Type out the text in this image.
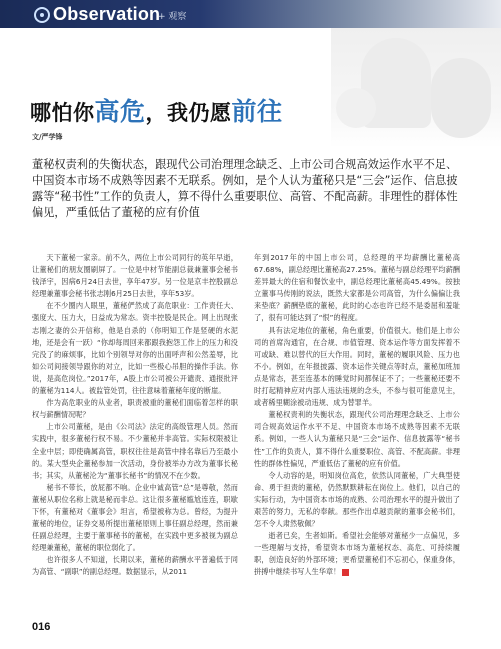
Observation
+ 观察
哪怕你高危，我仍愿前往
文/严学锋
董秘权责利的失衡状态，跟现代公司治理理念缺乏、上市公司合规高效运作水平不足、中国资本市场不成熟等因素不无联系。例如，是个人认为董秘只是“三会”运作、信息披露等“秘书性”工作的负责人，算不得什么重要职位、高管、不配高薪。非理性的群体性偏见，严重低估了董秘的应有价值

天下董秘一家亲。前不久，两位上市公司同行的英年早逝，让董秘们的朋友圈刷屏了。一位是中材节能副总裁兼董事会秘书钱泽宇，因病6月24日去世，享年47岁。另一位是京丰控股副总经理兼董事会秘书张志刚6月25日去世，享年53岁。

在不少圈内人眼里，董秘俨然成了高危职业：工作责任大、强度大、压力大，日益成为常态。资丰控股是民企。网上出现张志刚之妻的公开信称，他是自杀的（你明知工作是竖硬的水泥地，还是会有一跃）“你却每周回来都跟我抱怨工作上的压力和没完没了的麻烦事，比如个别领导对你的出面呼声和公然羞辱，比如公司间接领导跟你的对立，比如一些极心吊胆的操作手法。你说，是高危岗位。”2017年，A股上市公司被公开谴责、通报批评的董秘为114人。被监管处罚，往往意味着董秘年度的断崖。

作为高危职业的从业者，职责被重的董秘们面临着怎样的职权与薪酬情况呢？

上市公司董秘，是由《公司法》法定的高级管理人员。然而实践中，很多董秘行权不易。不少董秘并非高管。实际权限被让全业中层；即使确属高管，职权往往是高管中排名靠后乃至最小的。某大型央企董秘参加一次活动，身份被举办方改为董事长秘书；其实，从董秘沦为“董事长秘书”的情况不在少数。

秘书不带长，放屁都不响。企业中诚高管“总”是尊敬，然而董秘从职位名称上就是秘而非总。这让很多董秘尴尬连连，职歇下怀，有董秘对《董事会》坦言，希望被称为总。曾经，为提升董秘的地位，证券交易所提出董秘原则上事任副总经理，然而兼任副总经理，主要于董事秘书的董秘，在实践中更多被视为副总经理兼董秘，董秘的职位弱化了。

也许很多人不知道，长期以来，董秘的薪酬水平普遍低于同为高管、“副职”的副总经理。数据显示，从2011

年到2017年的中国上市公司，总经理的平均薪酬比董秘高67.68%，副总经理比董秘高27.25%。董秘与副总经理平均薪酬差异最大的住宿和餐饮业中，副总经理比董秘高45.49%。按独立董事马传刚的说法，既然大家都是公司高管，为什么偏偏让我来垫底？薪酬垫底的董秘，此时的心态也许已经不是委屈和羞耻了，很有可能达到了“恨”的程度。

具有法定地位的董秘，角色重要，价值很大。他们是上市公司的首席沟通官，在合规、市值管理、资本运作等方面发挥着不可或缺、难以替代的巨大作用。同时，董秘的履职风险、压力也不小。例如，在年报披露、资本运作关键点等时点，董秘加班加点是常态，甚至连基本的睡觉时间都保证不了；一些董秘还要不时打起精神应对内部人违法违规的念头，不参与很可能意见主，或者稀里糊涂被动违规、成为替罪羊。

董秘权责利的失衡状态，跟现代公司治理理念缺乏、上市公司合规高效运作水平不足、中国资本市场不成熟等因素不无联系。例如，一些人认为董秘只是“三会”运作、信息披露等“秘书性”工作的负责人，算不得什么重要职位、高管、不配高薪。非理性的群体性偏见，严重低估了董秘的应有价值。

令人动容的是，明知岗位高危，依然认同董秘，广大典型使命、勇于担责的董秘，仍然默默耕耘在岗位上。他们，以自己的实际行动，为中国资本市场的成熟、公司治理水平的提升做出了艰苦的努力，无私的奉献。那些作出卓越贡献的董事会秘书们，怎不令人肃然敬佩？

逝者已矣，生者如斯。希望社会能够对董秘少一点偏见，多一些理解与支持，希望资本市场为董秘权态、高危、可持续履职，创造良好的外部环境；更希望董秘们不忘初心，保重身体，拼搏中继续书写人生华章！

016
